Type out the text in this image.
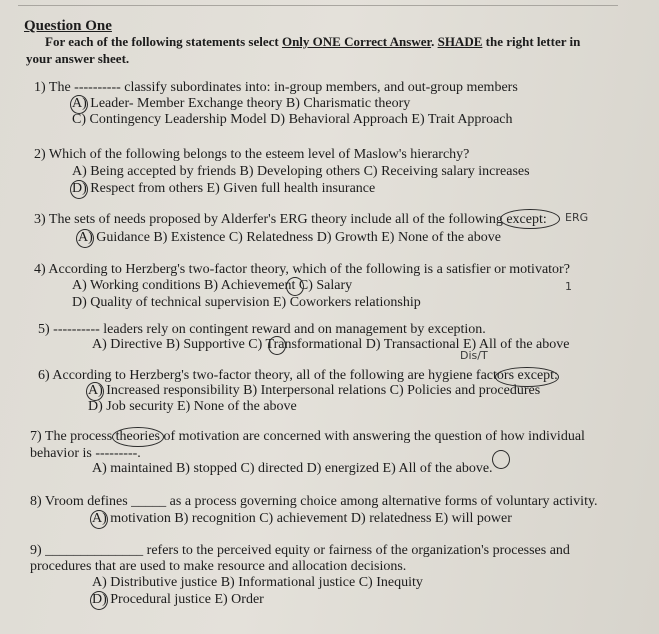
Question One
For each of the following statements select Only ONE Correct Answer. SHADE the right letter in
your answer sheet.
1) The ---------- classify subordinates into: in-group members, and out-group members
A) Leader- Member Exchange theory B) Charismatic theory
C) Contingency Leadership Model D) Behavioral Approach E) Trait Approach
2) Which of the following belongs to the esteem level of Maslow's hierarchy?
A) Being accepted by friends B) Developing others C) Receiving salary increases
D) Respect from others E) Given full health insurance
3) The sets of needs proposed by Alderfer's ERG theory include all of the following except:
A) Guidance B) Existence C) Relatedness D) Growth E) None of the above
4) According to Herzberg's two-factor theory, which of the following is a satisfier or motivator?
A) Working conditions B) Achievement C) Salary
D) Quality of technical supervision E) Coworkers relationship
5) ---------- leaders rely on contingent reward and on management by exception.
A) Directive B) Supportive C) Transformational D) Transactional E) All of the above
6) According to Herzberg's two-factor theory, all of the following are hygiene factors except:
A) Increased responsibility B) Interpersonal relations C) Policies and procedures
D) Job security E) None of the above
7) The process theories of motivation are concerned with answering the question of how individual
behavior is ---------.
A) maintained B) stopped C) directed D) energized E) All of the above.
8) Vroom defines _____ as a process governing choice among alternative forms of voluntary activity.
A) motivation B) recognition C) achievement D) relatedness E) will power
9) ______________ refers to the perceived equity or fairness of the organization's processes and
procedures that are used to make resource and allocation decisions.
A) Distributive justice B) Informational justice C) Inequity
D) Procedural justice E) Order
ERG
Dis/T
1
